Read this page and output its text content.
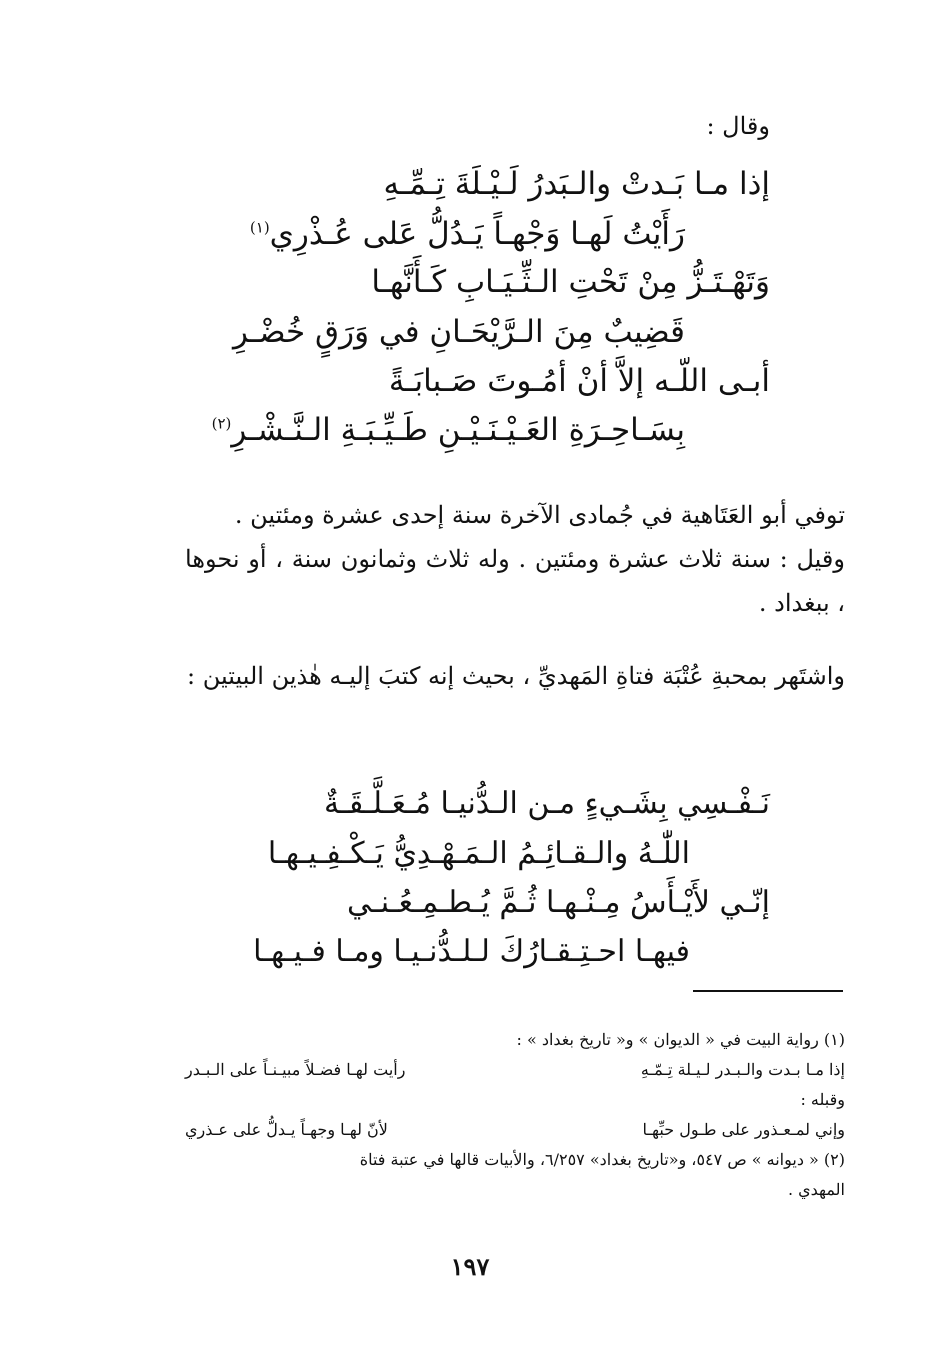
وقال :
إذا مـا بَـدتْ والـبَدرُ لَـيْـلَةَ تِـمِّـهِ
رَأَيْتُ لَهـا وَجْهـاً يَـدُلُّ عَلى عُـذْرِي$^{(١)}$
وَتَهْـتَـزُّ مِنْ تَحْتِ الـثِّـيَـابِ كَـأَنَّهـا
قَضِيبٌ مِنَ الـرَّيْحَـانِ في وَرَقٍ خُضْـرِ
أبـى اللّـه إلاَّ أنْ أمُـوتَ صَـبابَـةً
بِسَـاحِـرَةِ العَـيْـنَـيْـنِ طَـيِّـبَـةِ الـنَّـشْـرِ$^{(٢)}$

توفي أبو العَتَاهية في جُمادى الآخرة سنة إحدى عشرة ومئتين .

وقيل : سنة ثلاث عشرة ومئتين . وله ثلاث وثمانون سنة ، أو نحوها ، ببغداد .

واشتَهر بمحبةِ عُتْبَة فتاةِ المَهديِّ ، بحيث إنه كتبَ إليـه هٰذين البيتين :

نَـفْـسِي بِشَـيءٍ مـن الـدُّنيـا مُـعَـلَّـقَـةٌ
اللّٰـهُ والـقـائِـمُ الـمَـهْـدِيُّ يَـكْـفِـيـهـا
إنّـي لأَيْـأَسُ مِـنْـهـا ثُـمَّ يُـطـمِـعُـنـي
فيهـا احـتِـقـارُكَ لـلـدُّنـيـا ومـا فـيـهـا
(١) رواية البيت في « الديوان » و« تاريخ بغداد » :
إذا مـا بـدت والـبـدر لـيـلة تِـمّـهِ
رأيت لهـا فضـلاً مبيـنـاً على الـبـدر
وقبله :
وإني لمـعـذور على طـول حبِّهـا
لأنّ لهـا وجهـاً يـدلُّ على عـذري
(٢) « ديوانه » ص ٥٤٧، و«تاريخ بغداد» ٦/٢٥٧، والأبيات قالها في عتبة فتاة
المهدي .
١٩٧
